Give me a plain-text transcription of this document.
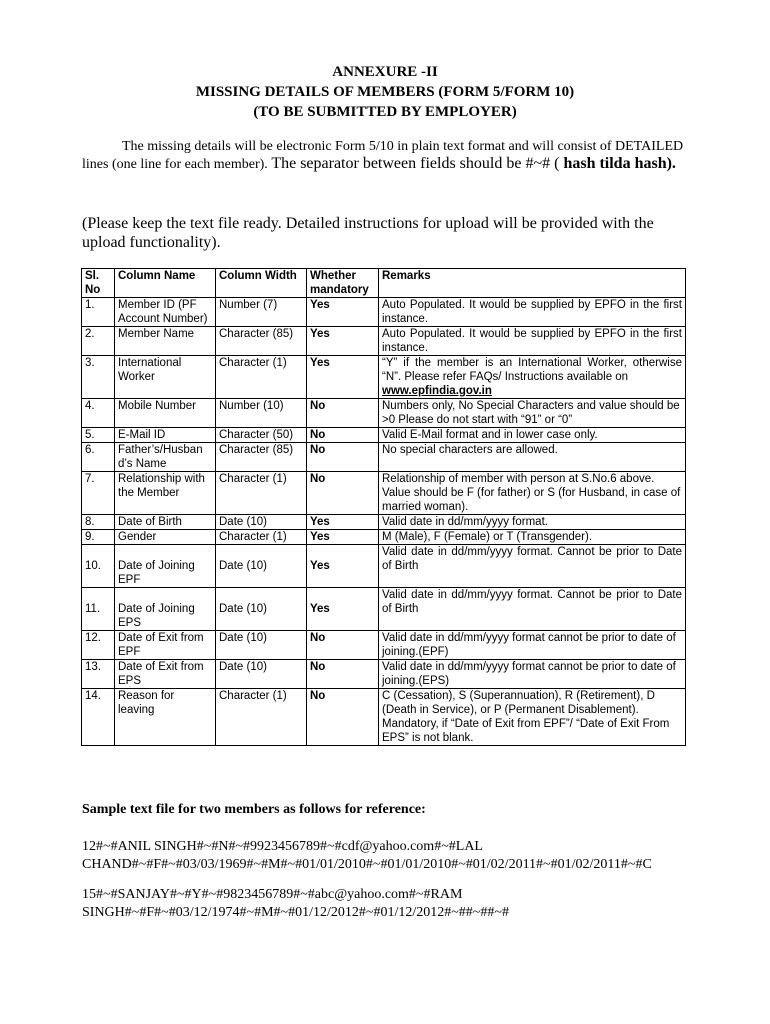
ANNEXURE -II
MISSING DETAILS OF MEMBERS (FORM 5/FORM 10)
(TO BE SUBMITTED BY EMPLOYER)
The missing details will be electronic Form 5/10 in plain text format and will consist of DETAILED lines (one line for each member). The separator between fields should be #~# ( hash tilda hash).
(Please keep the text file ready. Detailed instructions for upload will be provided with the upload functionality).
Sl. No	Column Name	Column Width	Whether mandatory	Remarks
1.	Member ID (PF Account Number)	Number (7)	Yes	Auto Populated. It would be supplied by EPFO in the first instance.
2.	Member Name	Character (85)	Yes	Auto Populated. It would be supplied by EPFO in the first instance.
3.	International Worker	Character (1)	Yes	“Y” if the member is an International Worker, otherwise “N”. Please refer FAQs/ Instructions available on
www.epfindia.gov.in
4.	Mobile Number	Number (10)	No	Numbers only, No Special Characters and value should be >0 Please do not start with “91” or “0”
5.	E-Mail ID	Character (50)	No	Valid E-Mail format and in lower case only.
6.	Father’s/Husband’s Name	Character (85)	No	No special characters are allowed.
7.	Relationship with the Member	Character (1)	No	Relationship of member with person at S.No.6 above. Value should be F (for father) or S (for Husband, in case of married woman).
8.	Date of Birth	Date (10)	Yes	Valid date in dd/mm/yyyy format.
9.	Gender	Character (1)	Yes	M (Male), F (Female) or T (Transgender).
10.	Date of Joining EPF	Date (10)	Yes	Valid date in dd/mm/yyyy format. Cannot be prior to Date of Birth
11.	Date of Joining EPS	Date (10)	Yes	Valid date in dd/mm/yyyy format. Cannot be prior to Date of Birth
12.	Date of Exit from EPF	Date (10)	No	Valid date in dd/mm/yyyy format cannot be prior to date of joining.(EPF)
13.	Date of Exit from EPS	Date (10)	No	Valid date in dd/mm/yyyy format cannot be prior to date of joining.(EPS)
14.	Reason for leaving	Character (1)	No	C (Cessation), S (Superannuation), R (Retirement), D (Death in Service), or P (Permanent Disablement). Mandatory, if “Date of Exit from EPF”/ “Date of Exit From EPS” is not blank.
Sample text file for two members as follows for reference:
12#~#ANIL SINGH#~#N#~#9923456789#~#cdf@yahoo.com#~#LAL CHAND#~#F#~#03/03/1969#~#M#~#01/01/2010#~#01/01/2010#~#01/02/2011#~#01/02/2011#~#C
15#~#SANJAY#~#Y#~#9823456789#~#abc@yahoo.com#~#RAM SINGH#~#F#~#03/12/1974#~#M#~#01/12/2012#~#01/12/2012#~##~##~#
